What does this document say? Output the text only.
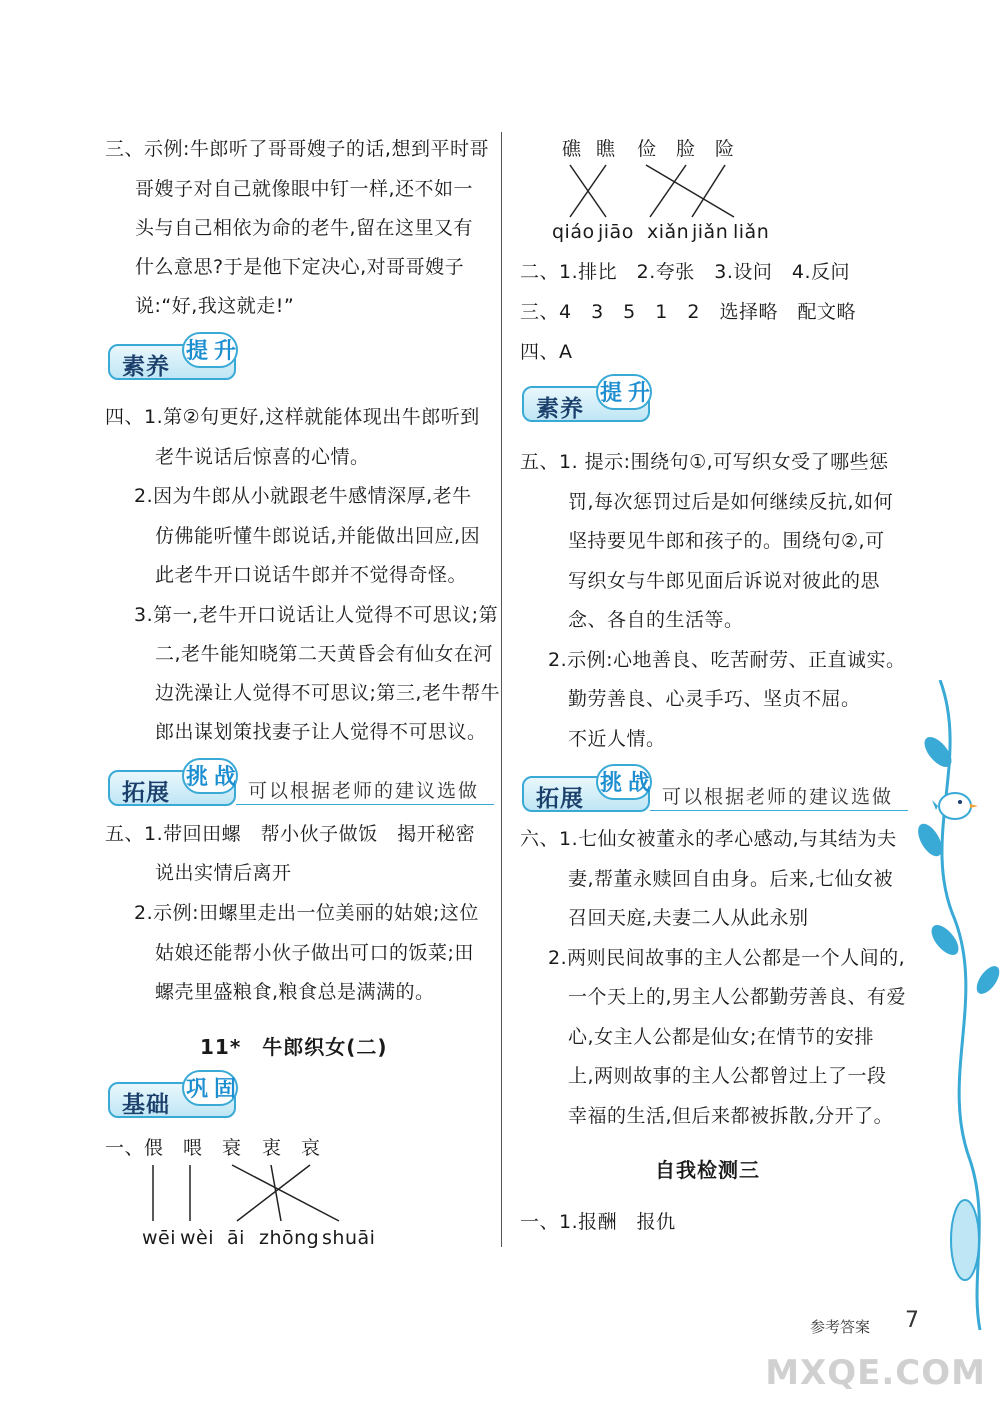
三、示例:牛郎听了哥哥嫂子的话,想到平时哥
哥嫂子对自己就像眼中钉一样,还不如一
头与自己相依为命的老牛,留在这里又有
什么意思?于是他下定决心,对哥哥嫂子
说:“好,我这就走!”
素养
提升
四、1.第②句更好,这样就能体现出牛郎听到
老牛说话后惊喜的心情。
2.因为牛郎从小就跟老牛感情深厚,老牛
仿佛能听懂牛郎说话,并能做出回应,因
此老牛开口说话牛郎并不觉得奇怪。
3.第一,老牛开口说话让人觉得不可思议;第
二,老牛能知晓第二天黄昏会有仙女在河
边洗澡让人觉得不可思议;第三,老牛帮牛
郎出谋划策找妻子让人觉得不可思议。
拓展
挑战
可以根据老师的建议选做
五、1.带回田螺　帮小伙子做饭　揭开秘密
说出实情后离开
2.示例:田螺里走出一位美丽的姑娘;这位
姑娘还能帮小伙子做出可口的饭菜;田
螺壳里盛粮食,粮食总是满满的。
11*　牛郎织女(二)
基础
巩固
一、 偎 喂 衰 衷 哀
wēi wèi āi zhōng shuāi
礁 瞧 俭 脸 险
qiáo jiāo xiǎn jiǎn liǎn
二、1.排比　2.夸张　3.设问　4.反问
三、4　3　5　1　2　选择略　配文略
四、A
素养
提升
五、1. 提示:围绕句①,可写织女受了哪些惩
罚,每次惩罚过后是如何继续反抗,如何
坚持要见牛郎和孩子的。围绕句②,可
写织女与牛郎见面后诉说对彼此的思
念、各自的生活等。
2.示例:心地善良、吃苦耐劳、正直诚实。
勤劳善良、心灵手巧、坚贞不屈。
不近人情。
拓展
挑战
可以根据老师的建议选做
六、1.七仙女被董永的孝心感动,与其结为夫
妻,帮董永赎回自由身。后来,七仙女被
召回天庭,夫妻二人从此永别
2.两则民间故事的主人公都是一个人间的,
一个天上的,男主人公都勤劳善良、有爱
心,女主人公都是仙女;在情节的安排
上,两则故事的主人公都曾过上了一段
幸福的生活,但后来都被拆散,分开了。
自我检测三
一、1.报酬　报仇
参考答案 7
MXQE.COM
